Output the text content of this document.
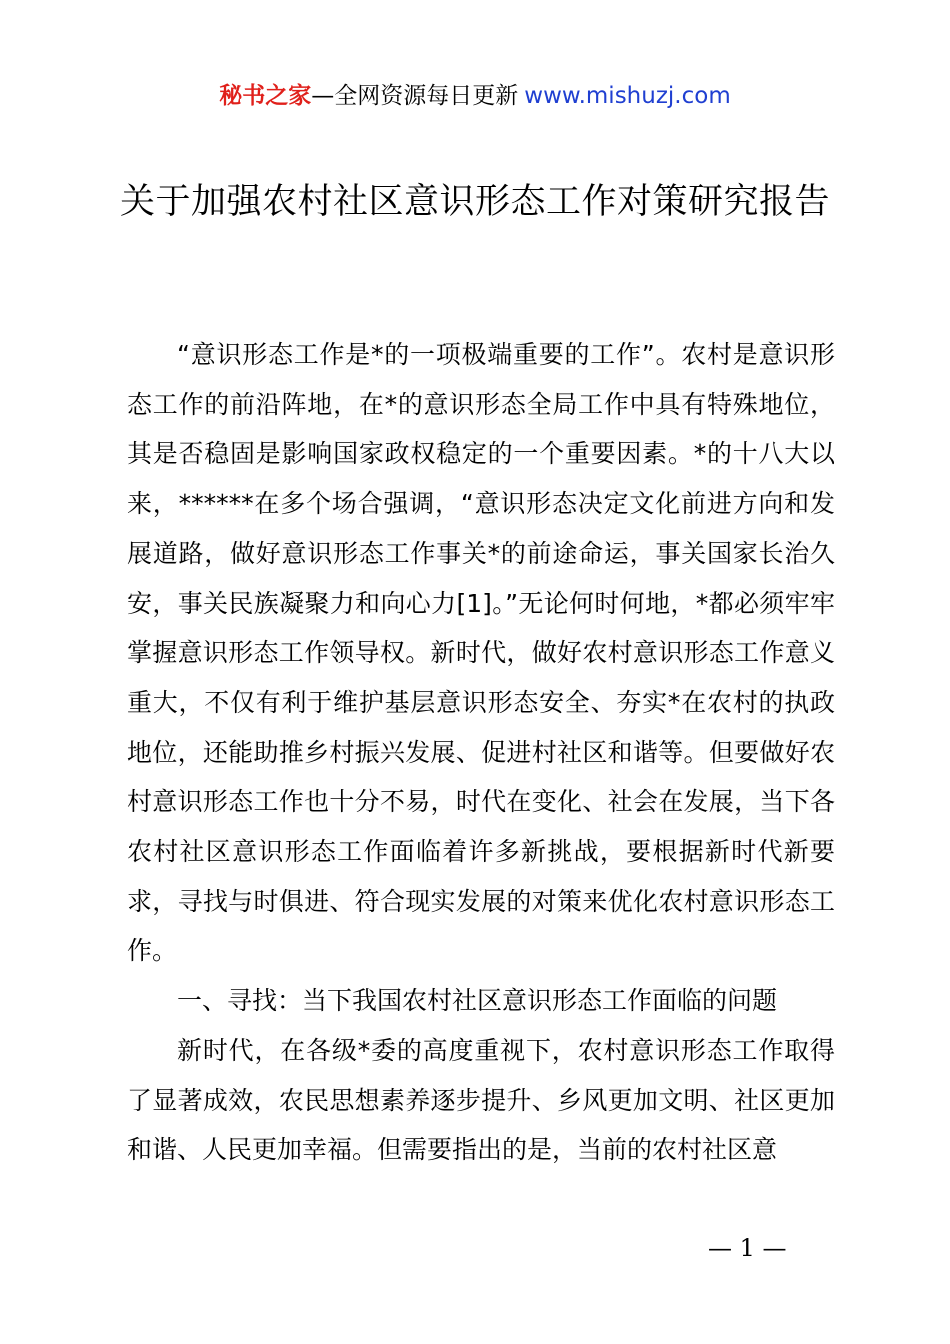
秘书之家—全网资源每日更新 www.mishuzj.com
关于加强农村社区意识形态工作对策研究报告

“意识形态工作是*的一项极端重要的工作”。农村是意识形态工作的前沿阵地，在*的意识形态全局工作中具有特殊地位，其是否稳固是影响国家政权稳定的一个重要因素。*的十八大以来，******在多个场合强调，“意识形态决定文化前进方向和发展道路，做好意识形态工作事关*的前途命运，事关国家长治久安，事关民族凝聚力和向心力[1]。”无论何时何地，*都必须牢牢掌握意识形态工作领导权。新时代，做好农村意识形态工作意义重大，不仅有利于维护基层意识形态安全、夯实*在农村的执政地位，还能助推乡村振兴发展、促进村社区和谐等。但要做好农村意识形态工作也十分不易，时代在变化、社会在发展，当下各农村社区意识形态工作面临着许多新挑战，要根据新时代新要求，寻找与时俱进、符合现实发展的对策来优化农村意识形态工作。

一、寻找：当下我国农村社区意识形态工作面临的问题

新时代，在各级*委的高度重视下，农村意识形态工作取得了显著成效，农民思想素养逐步提升、乡风更加文明、社区更加和谐、人民更加幸福。但需要指出的是，当前的农村社区意

— 1 —
